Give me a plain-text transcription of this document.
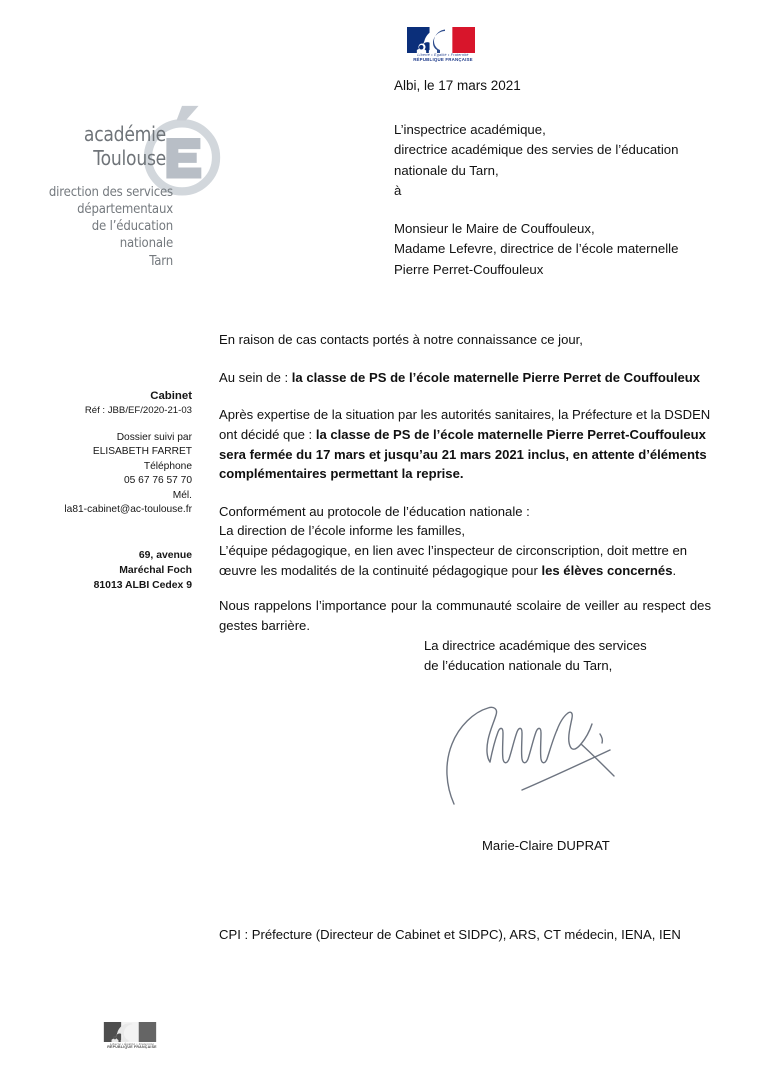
Liberté • Égalité • Fraternité
RÉPUBLIQUE FRANÇAISE
Albi, le 17 mars 2021
académie
Toulouse
direction des services
départementaux
de l’éducation nationale
Tarn
L’inspectrice académique,
directrice académique des servies de l’éducation
nationale du Tarn,
à
Monsieur le Maire de Couffouleux,
Madame Lefevre, directrice de l’école maternelle
Pierre Perret-Couffouleux
Cabinet
Réf : JBB/EF/2020-21-03
Dossier suivi par
ELISABETH FARRET
Téléphone
05 67 76 57 70
Mél.
la81-cabinet@ac-toulouse.fr
69, avenue
Maréchal Foch
81013 ALBI Cedex 9

En raison de cas contacts portés à notre connaissance ce jour,

Au sein de : la classe de PS de l’école maternelle Pierre Perret de Couffouleux

Après expertise de la situation par les autorités sanitaires, la Préfecture et la DSDEN ont décidé que : la classe de PS de l’école maternelle Pierre Perret-Couffouleux sera fermée du 17 mars et jusqu’au 21 mars 2021 inclus, en attente d’éléments complémentaires permettant la reprise.

Conformément au protocole de l’éducation nationale :

La direction de l’école informe les familles,

L’équipe pédagogique, en lien avec l’inspecteur de circonscription, doit mettre en œuvre les modalités de la continuité pédagogique pour les élèves concernés.

Nous rappelons l’importance pour la communauté scolaire de veiller au respect des gestes barrière.

La directrice académique des services
de l’éducation nationale du Tarn,
Marie-Claire DUPRAT
CPI : Préfecture (Directeur de Cabinet et SIDPC), ARS, CT médecin, IENA, IEN
Liberté • Égalité • Fraternité
RÉPUBLIQUE FRANÇAISE
